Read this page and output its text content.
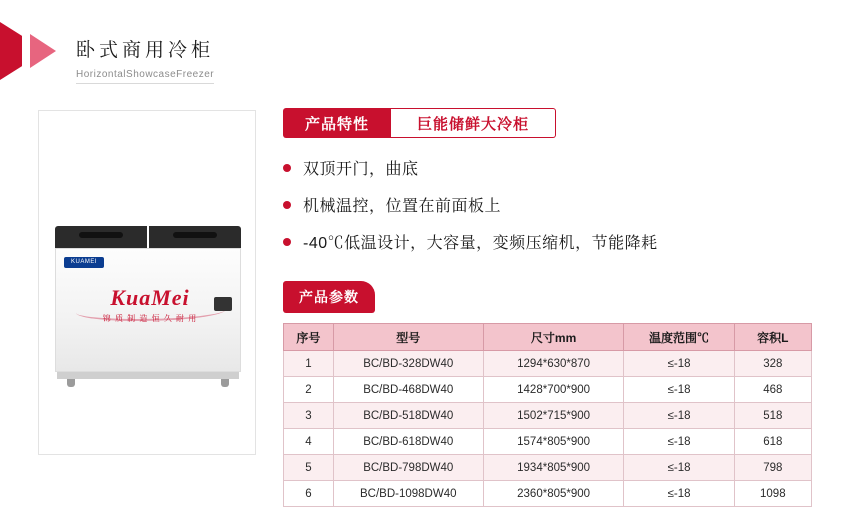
卧式商用冷柜
HorizontalShowcaseFreezer
KUAMEI
KuaMei
锦 质 制 造 恒 久 耐 用
产品特性	巨能储鲜大冷柜
双顶开门，曲底
机械温控，位置在前面板上
-40℃低温设计，大容量，变频压缩机，节能降耗
产品参数
序号	型号	尺寸mm	温度范围℃	容积L
1	BC/BD-328DW40	1294*630*870	≤-18	328
2	BC/BD-468DW40	1428*700*900	≤-18	468
3	BC/BD-518DW40	1502*715*900	≤-18	518
4	BC/BD-618DW40	1574*805*900	≤-18	618
5	BC/BD-798DW40	1934*805*900	≤-18	798
6	BC/BD-1098DW40	2360*805*900	≤-18	1098
